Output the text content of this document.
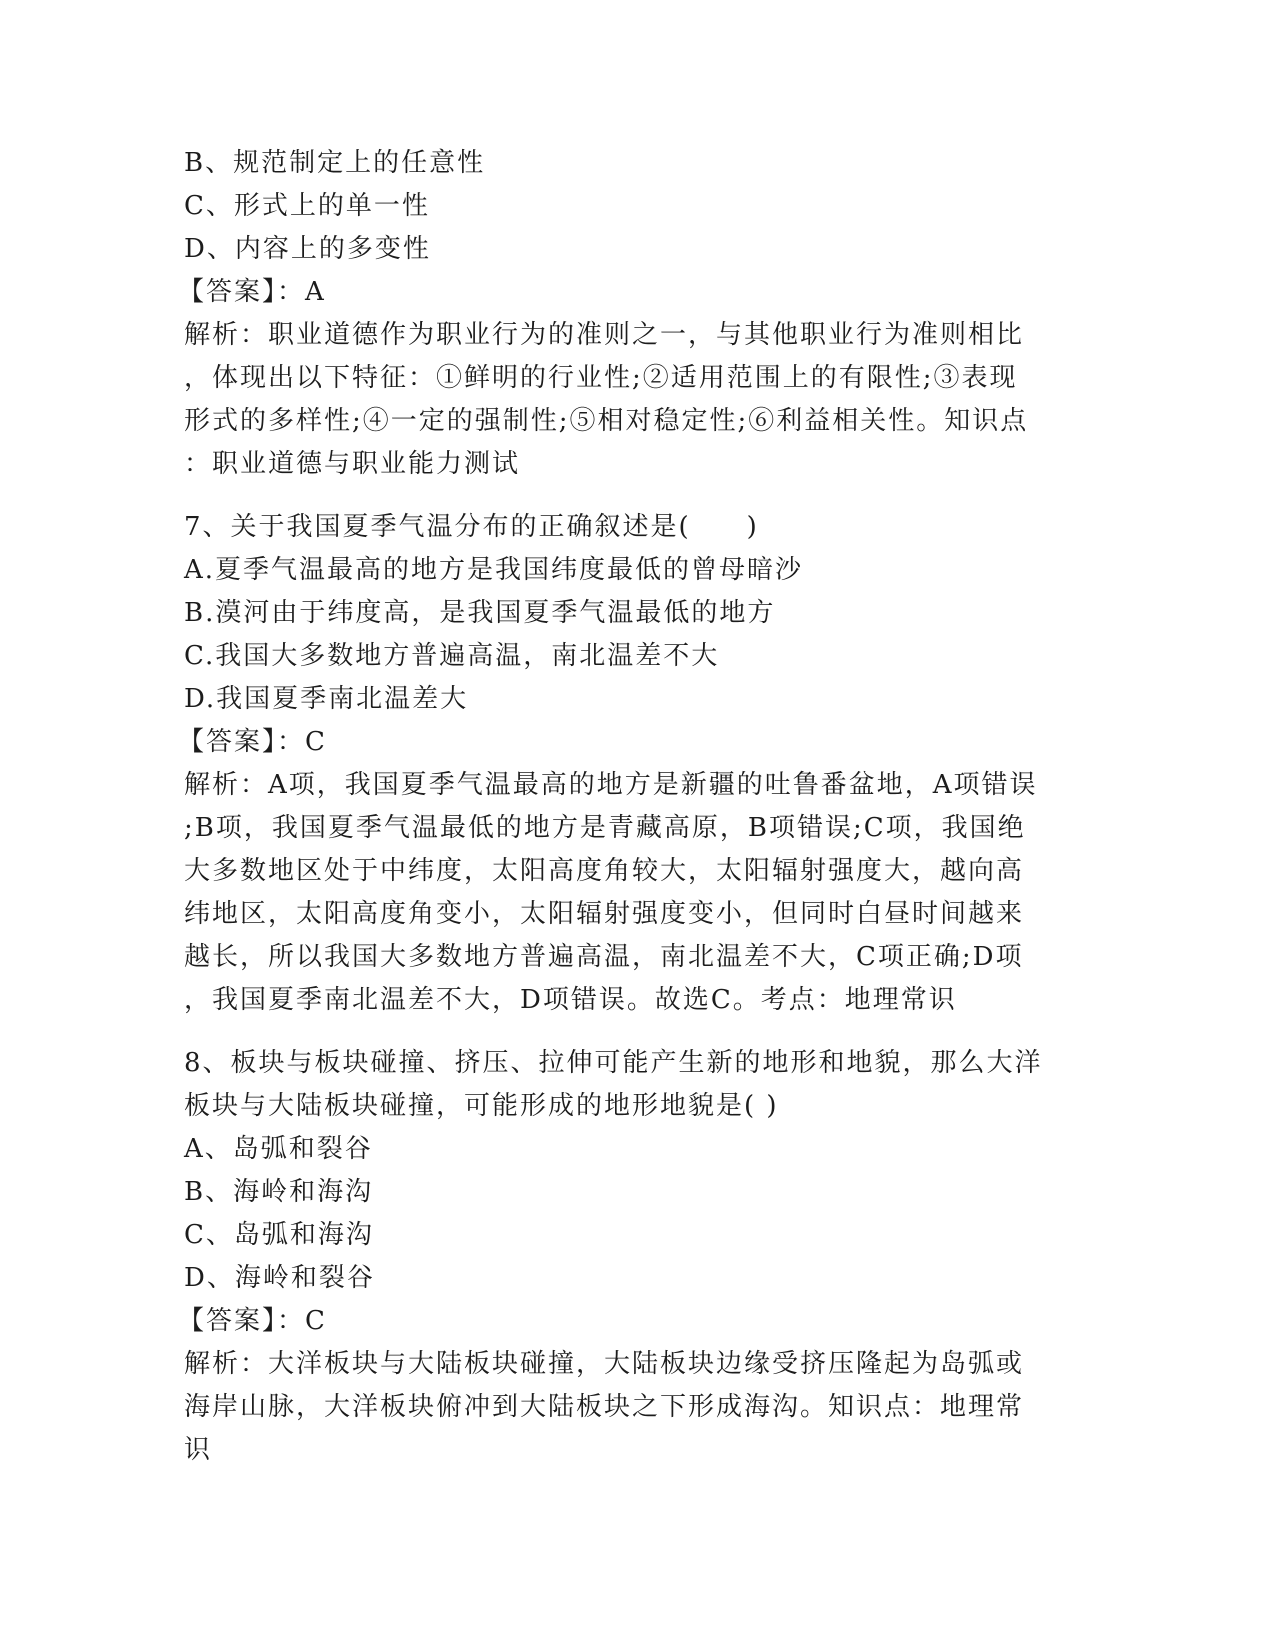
B、规范制定上的任意性
C、形式上的单一性
D、内容上的多变性
【答案】：A
解析：职业道德作为职业行为的准则之一，与其他职业行为准则相比
，体现出以下特征：①鲜明的行业性;②适用范围上的有限性;③表现
形式的多样性;④一定的强制性;⑤相对稳定性;⑥利益相关性。知识点
：职业道德与职业能力测试
7、关于我国夏季气温分布的正确叙述是(　　)
A.夏季气温最高的地方是我国纬度最低的曾母暗沙
B.漠河由于纬度高，是我国夏季气温最低的地方
C.我国大多数地方普遍高温，南北温差不大
D.我国夏季南北温差大
【答案】：C
解析：A项，我国夏季气温最高的地方是新疆的吐鲁番盆地，A项错误
;B项，我国夏季气温最低的地方是青藏高原，B项错误;C项，我国绝
大多数地区处于中纬度，太阳高度角较大，太阳辐射强度大，越向高
纬地区，太阳高度角变小，太阳辐射强度变小，但同时白昼时间越来
越长，所以我国大多数地方普遍高温，南北温差不大，C项正确;D项
，我国夏季南北温差不大，D项错误。故选C。考点：地理常识
8、板块与板块碰撞、挤压、拉伸可能产生新的地形和地貌，那么大洋
板块与大陆板块碰撞，可能形成的地形地貌是( )
A、岛弧和裂谷
B、海岭和海沟
C、岛弧和海沟
D、海岭和裂谷
【答案】：C
解析：大洋板块与大陆板块碰撞，大陆板块边缘受挤压隆起为岛弧或
海岸山脉，大洋板块俯冲到大陆板块之下形成海沟。知识点：地理常
识
